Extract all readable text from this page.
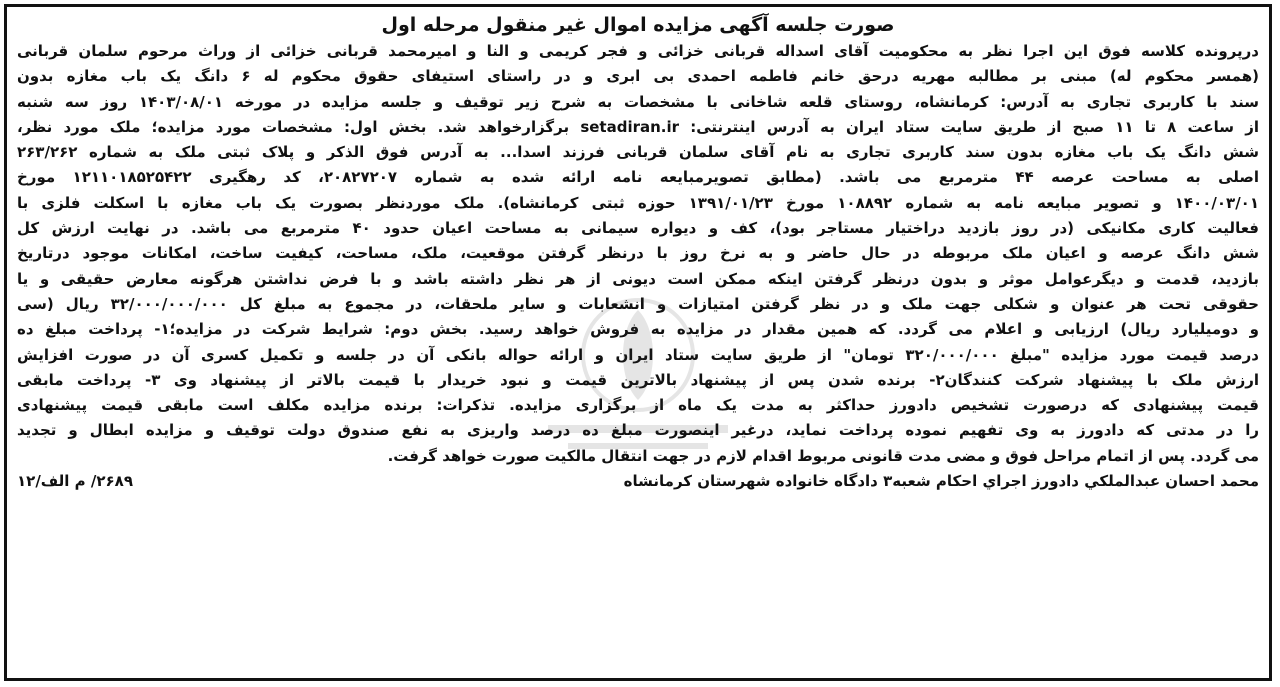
صورت جلسه آگهی مزایده اموال غیر منقول مرحله اول
درپرونده کلاسه فوق این اجرا نظر به محکومیت آقای اسداله قربانی خزائی و فجر کریمی و النا و امیرمحمد قربانی خزائی از وراث مرحوم سلمان قربانی
(همسر محکوم له) مبنی بر مطالبه مهریه درحق خانم فاطمه احمدی بی ابری و در راستای استیفای حقوق محکوم له ۶ دانگ یک باب مغازه بدون
سند با کاربری تجاری به آدرس: کرمانشاه، روستای قلعه شاخانی با مشخصات به شرح زیر توقیف و جلسه مزایده در مورخه ۱۴۰۳/۰۸/۰۱ روز سه شنبه
از ساعت ۸ تا ۱۱ صبح از طریق سایت ستاد ایران به آدرس اینترنتی: setadiran.ir برگزارخواهد شد. بخش اول: مشخصات مورد مزایده؛ ملک مورد نظر،
شش دانگ یک باب مغازه بدون سند کاربری تجاری به نام آقای سلمان قربانی فرزند اسدا... به آدرس فوق الذکر و پلاک ثبتی ملک به شماره ۲۶۳/۲۶۲
اصلی به مساحت عرصه ۴۴ مترمربع می باشد. (مطابق تصویرمبایعه نامه ارائه شده به شماره ۲۰۸۲۷۲۰۷، کد رهگیری ۱۲۱۱۰۱۸۵۲۵۴۲۲ مورخ
۱۴۰۰/۰۳/۰۱ و تصویر مبایعه نامه به شماره ۱۰۸۸۹۲ مورخ ۱۳۹۱/۰۱/۲۳ حوزه ثبتی کرمانشاه). ملک موردنظر بصورت یک باب مغازه با اسکلت فلزی با
فعالیت کاری مکانیکی (در روز بازدید دراختیار مستاجر بود)، کف و دیواره سیمانی به مساحت اعیان حدود ۴۰ مترمربع می باشد. در نهایت ارزش کل
شش دانگ عرصه و اعیان ملک مربوطه در حال حاضر و به نرخ روز با درنظر گرفتن موقعیت، ملک، مساحت، کیفیت ساخت، امکانات موجود درتاریخ
بازدید، قدمت و دیگرعوامل موثر و بدون درنظر گرفتن اینکه ممکن است دیونی از هر نظر داشته باشد و با فرض نداشتن هرگونه معارض حقیقی و یا
حقوقی تحت هر عنوان و شکلی جهت ملک و در نظر گرفتن امتیازات و انشعابات و سایر ملحقات، در مجموع به مبلغ کل ۳۲/۰۰۰/۰۰۰/۰۰۰ ریال (سی
و دومیلیارد ریال) ارزیابی و اعلام می گردد. که همین مقدار در مزایده به فروش خواهد رسید. بخش دوم: شرایط شرکت در مزایده؛۱- پرداخت مبلغ ده
درصد قیمت مورد مزایده "مبلغ ۳۲۰/۰۰۰/۰۰۰ تومان" از طریق سایت ستاد ایران و ارائه حواله بانکی آن در جلسه و تکمیل کسری آن در صورت افزایش
ارزش ملک با پیشنهاد شرکت کنندگان۲- برنده شدن پس از پیشنهاد بالاترین قیمت و نبود خریدار با قیمت بالاتر از پیشنهاد وی ۳- پرداخت مابقی
قیمت پیشنهادی که درصورت تشخیص دادورز حداکثر به مدت یک ماه از برگزاری مزایده. تذکرات: برنده مزایده مکلف است مابقی قیمت پیشنهادی
را در مدتی که دادورز به وی تفهیم نموده پرداخت نماید، درغیر اینصورت مبلغ ده درصد واریزی به نفع صندوق دولت توقیف و مزایده ابطال و تجدید
می گردد. پس از اتمام مراحل فوق و مضی مدت قانونی مربوط اقدام لازم در جهت انتقال مالکیت صورت خواهد گرفت.
محمد احسان عبدالملکي دادورز اجراي احكام شعبه۳ دادگاه خانواده شهرستان کرمانشاه
۲۶۸۹/ م الف/۱۲
